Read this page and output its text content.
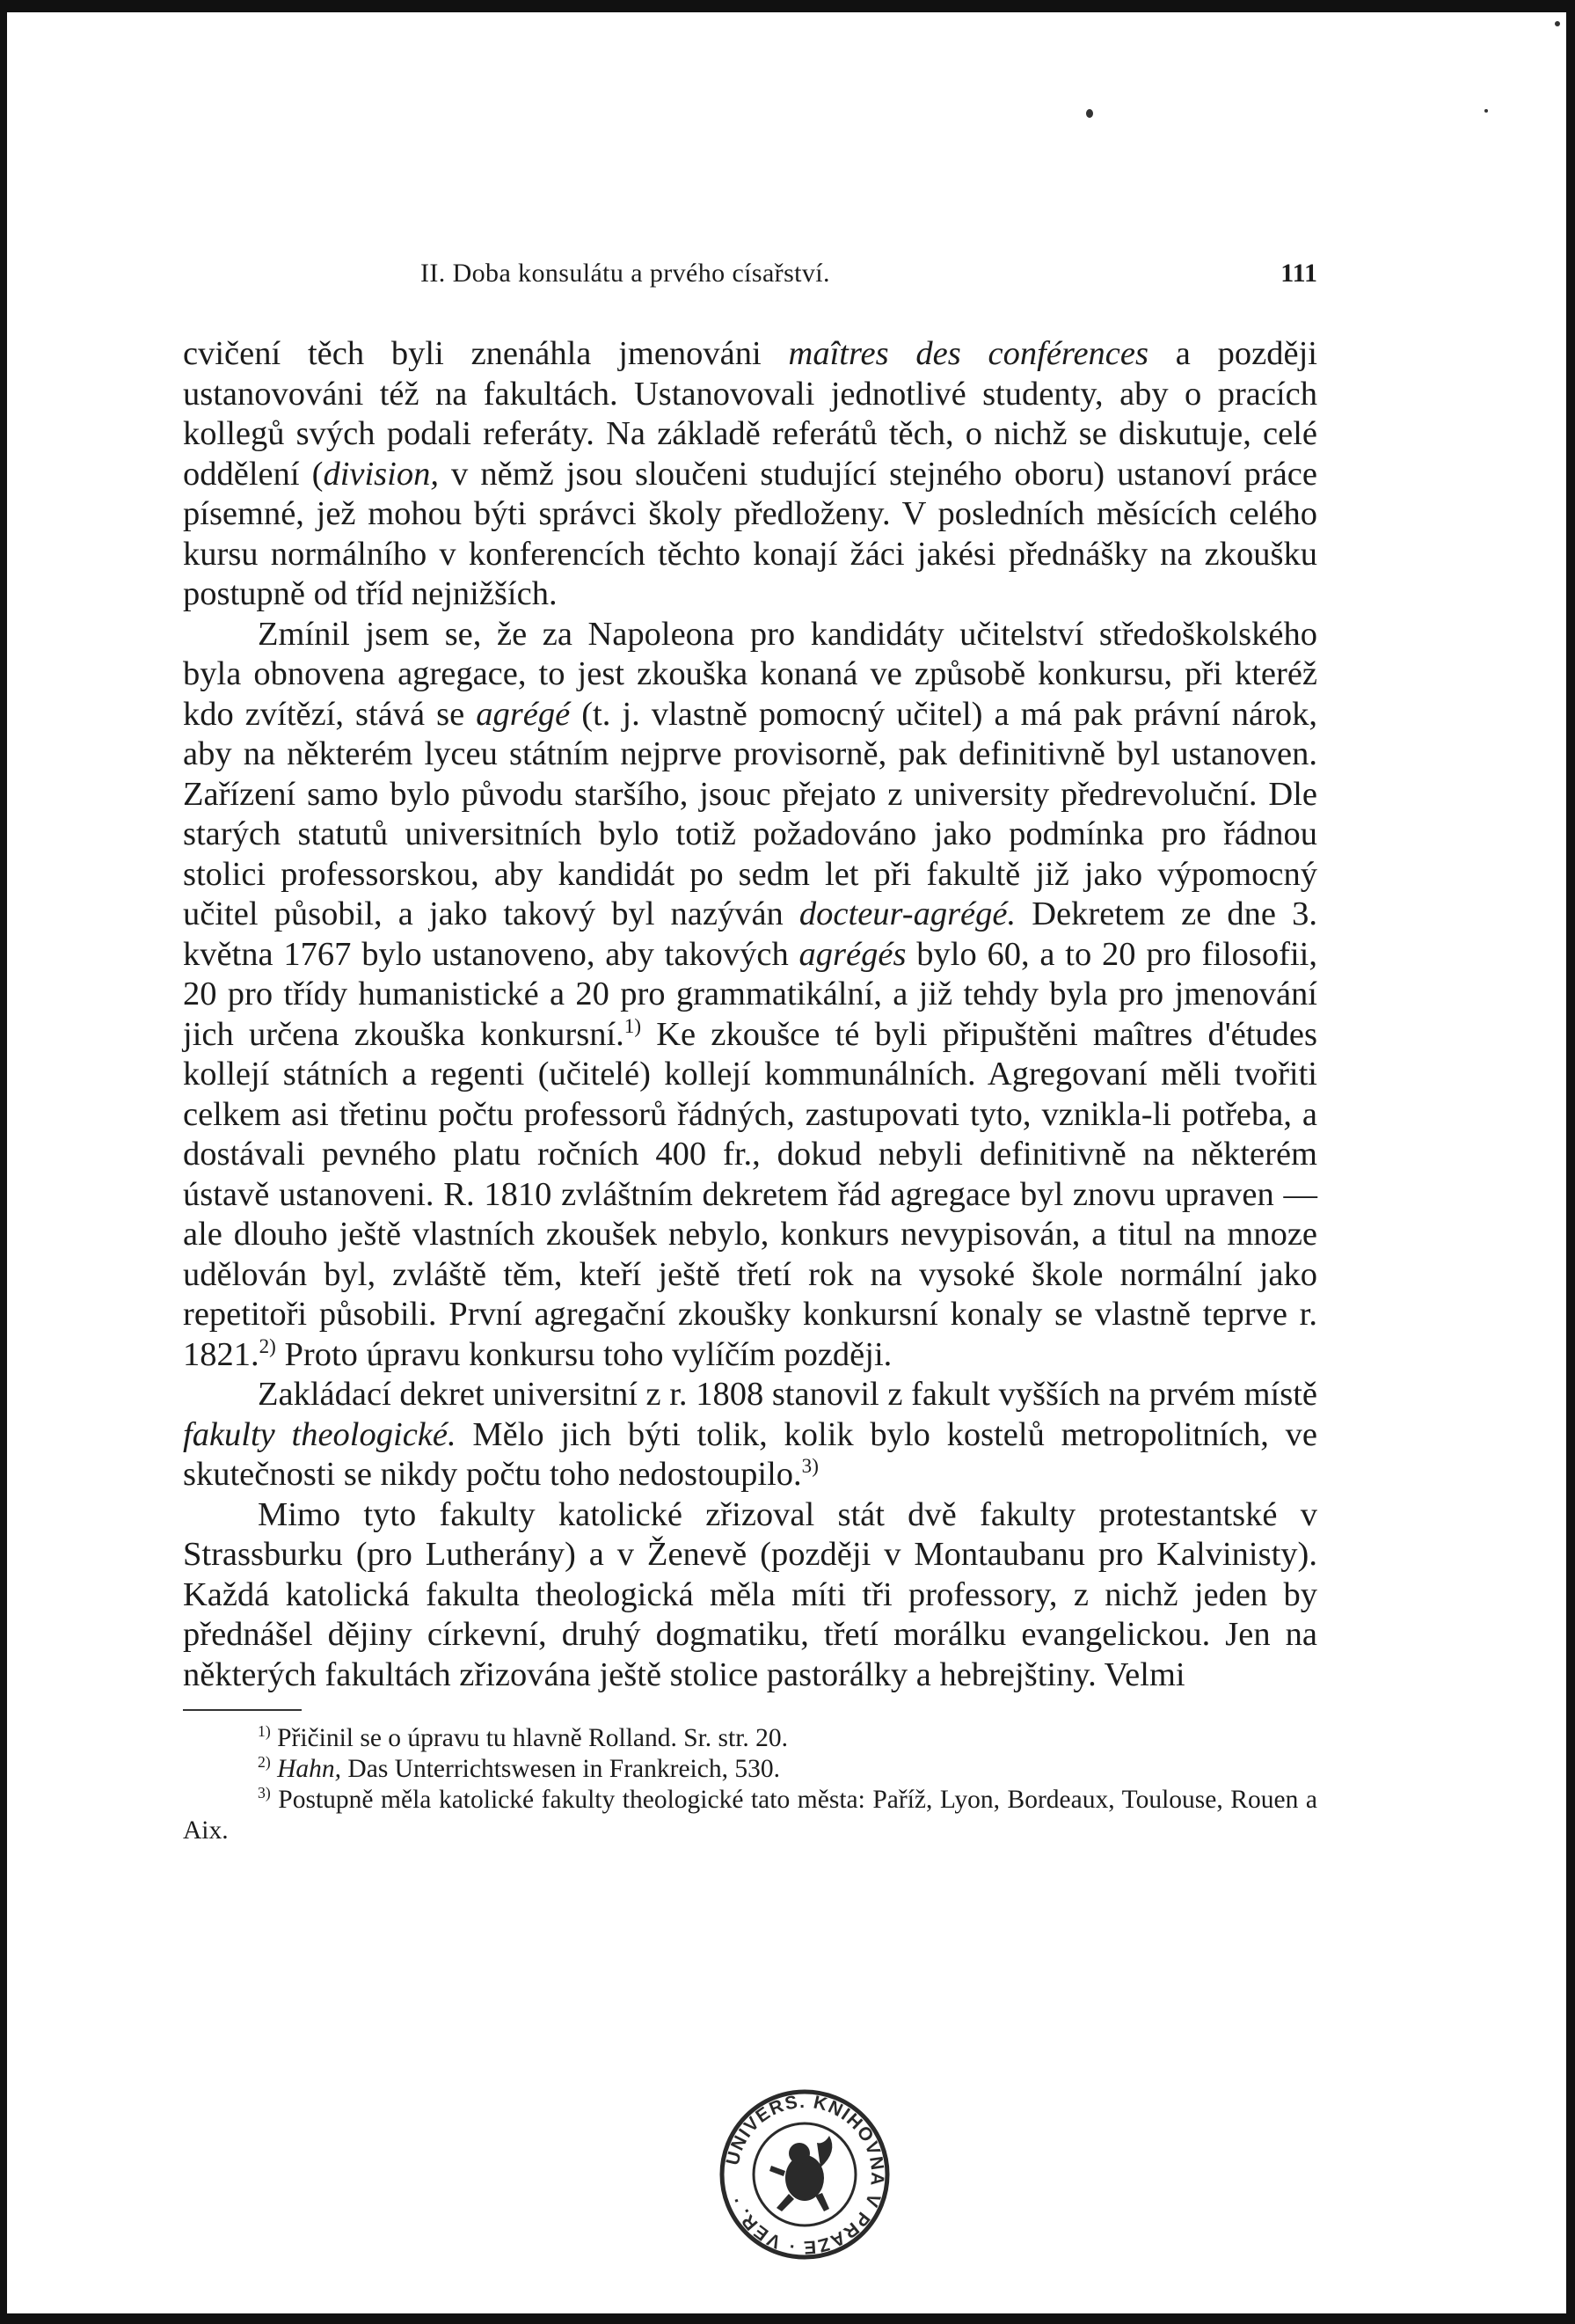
II. Doba konsulátu a prvého císařství.	111

cvičení těch byli znenáhla jmenováni maîtres des conférences a později ustanovováni též na fakultách. Ustanovovali jednotlivé studenty, aby o pracích kollegů svých podali referáty. Na základě referátů těch, o nichž se diskutuje, celé oddělení (division, v němž jsou sloučeni studující stejného oboru) ustanoví práce písemné, jež mohou býti správci školy předloženy. V posledních měsících celého kursu normálního v konferencích těchto konají žáci jakési přednášky na zkoušku postupně od tříd nejnižších.

Zmínil jsem se, že za Napoleona pro kandidáty učitelství středoškolského byla obnovena agregace, to jest zkouška konaná ve způsobě konkursu, při kteréž kdo zvítězí, stává se agrégé (t. j. vlastně pomocný učitel) a má pak právní nárok, aby na některém lyceu státním nejprve provisorně, pak definitivně byl ustanoven. Zařízení samo bylo původu staršího, jsouc přejato z university předrevoluční. Dle starých statutů universitních bylo totiž požadováno jako podmínka pro řádnou stolici professorskou, aby kandidát po sedm let při fakultě již jako výpomocný učitel působil, a jako takový byl nazýván docteur-agrégé. Dekretem ze dne 3. května 1767 bylo ustanoveno, aby takových agrégés bylo 60, a to 20 pro filosofii, 20 pro třídy humanistické a 20 pro grammatikální, a již tehdy byla pro jmenování jich určena zkouška konkursní.$^{1)}$ Ke zkoušce té byli připuštěni maîtres d'études kollejí státních a regenti (učitelé) kollejí kommunálních. Agregovaní měli tvořiti celkem asi třetinu počtu professorů řádných, zastupovati tyto, vznikla-li potřeba, a dostávali pevného platu ročních 400 fr., dokud nebyli definitivně na některém ústavě ustanoveni. R. 1810 zvláštním dekretem řád agregace byl znovu upraven — ale dlouho ještě vlastních zkoušek nebylo, konkurs nevypisován, a titul na mnoze udělován byl, zvláště těm, kteří ještě třetí rok na vysoké škole normální jako repetitoři působili. První agregační zkoušky konkursní konaly se vlastně teprve r. 1821.$^{2)}$ Proto úpravu konkursu toho vylíčím později.

Zakládací dekret universitní z r. 1808 stanovil z fakult vyšších na prvém místě fakulty theologické. Mělo jich býti tolik, kolik bylo kostelů metropolitních, ve skutečnosti se nikdy počtu toho nedostoupilo.$^{3)}$

Mimo tyto fakulty katolické zřizoval stát dvě fakulty protestantské v Strassburku (pro Lutherány) a v Ženevě (později v Montaubanu pro Kalvinisty). Každá katolická fakulta theologická měla míti tři professory, z nichž jeden by přednášel dějiny církevní, druhý dogmatiku, třetí morálku evangelickou. Jen na některých fakultách zřizována ještě stolice pastorálky a hebrejštiny. Velmi

$^{1)}$ Přičinil se o úpravu tu hlavně Rolland. Sr. str. 20.

$^{2)}$ Hahn, Das Unterrichtswesen in Frankreich, 530.

$^{3)}$ Postupně měla katolické fakulty theologické tato města: Paříž, Lyon, Bordeaux, Toulouse, Rouen a Aix.

UNIVERS. KNIHOVNA V PRAZE · VĚR. ·
